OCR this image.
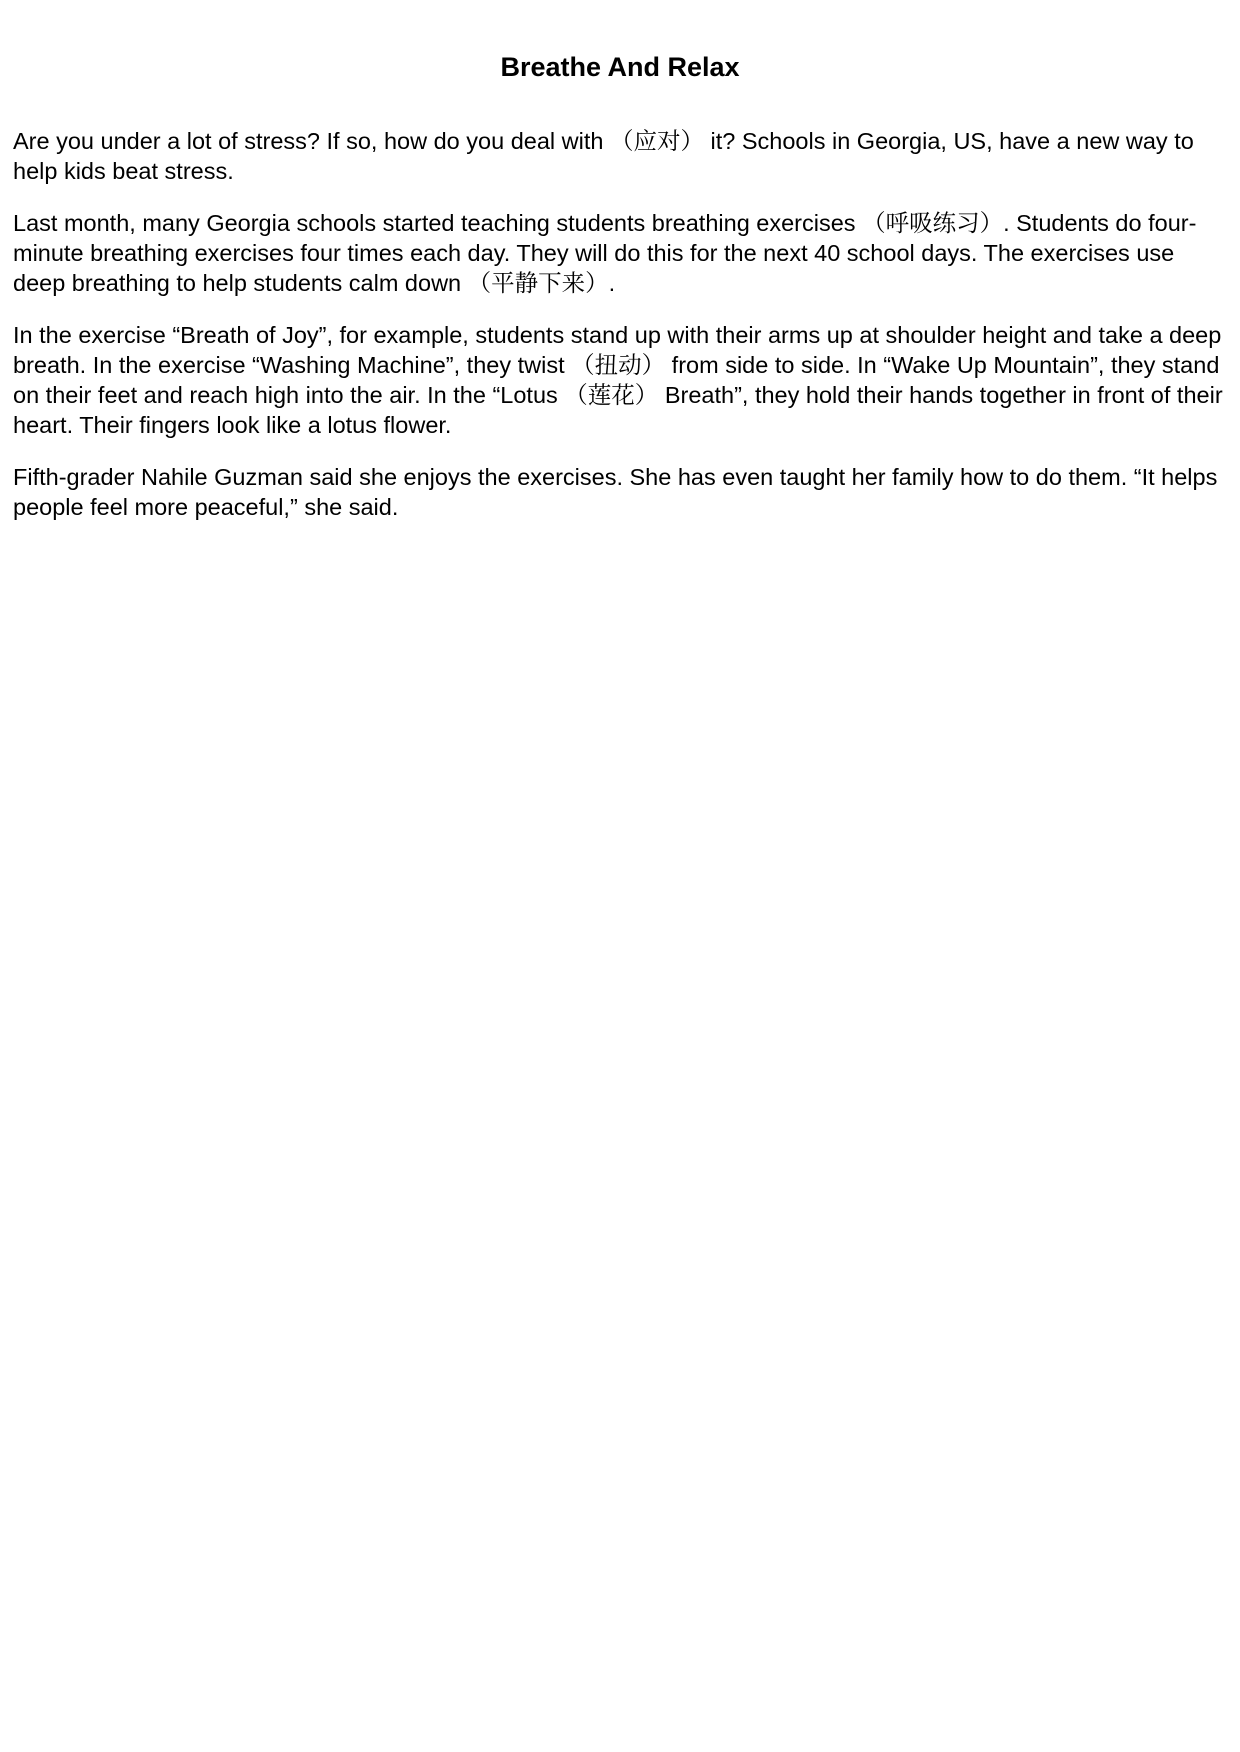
Breathe And Relax

Are you under a lot of stress? If so, how do you deal with （应对） it? Schools in Georgia, US, have a new way to help kids beat stress.

Last month, many Georgia schools started teaching students breathing exercises （呼吸练习）. Students do four-minute breathing exercises four times each day. They will do this for the next 40 school days. The exercises use deep breathing to help students calm down （平静下来）.

In the exercise “Breath of Joy”, for example, students stand up with their arms up at shoulder height and take a deep breath. In the exercise “Washing Machine”, they twist （扭动） from side to side. In “Wake Up Mountain”, they stand on their feet and reach high into the air. In the “Lotus （莲花） Breath”, they hold their hands together in front of their heart. Their fingers look like a lotus flower.

Fifth-grader Nahile Guzman said she enjoys the exercises. She has even taught her family how to do them. “It helps people feel more peaceful,” she said.
